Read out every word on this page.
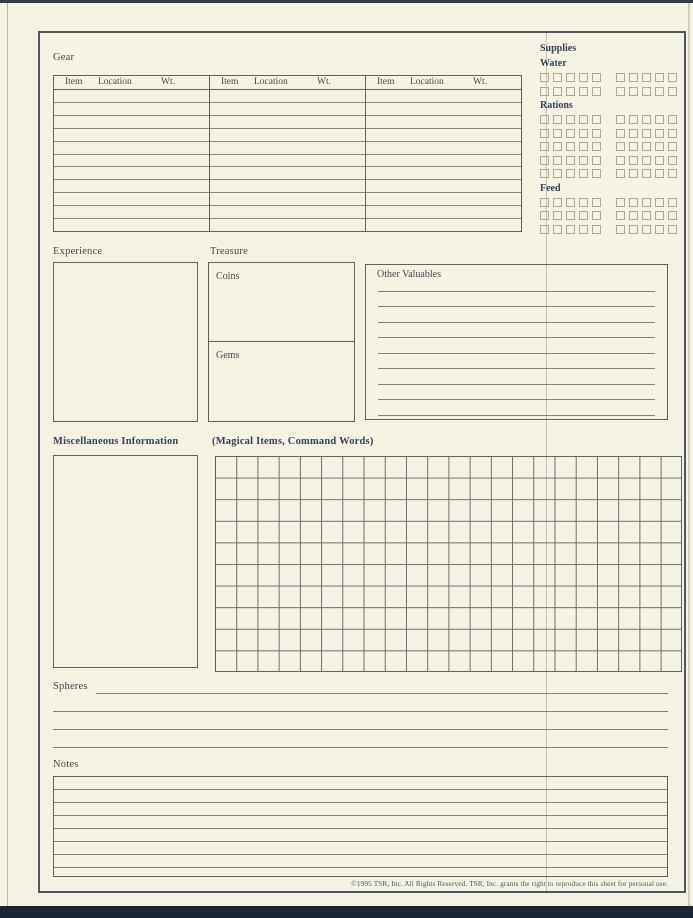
Gear
Item Location	Wt.	Item Location	Wt.	Item Location	Wt.
Supplies
Water
Rations
Feed
Experience	Treasure
Coins
Gems
Other Valuables
Miscellaneous Information	(Magical Items, Command Words)
Spheres
Notes
©1995 TSR, Inc. All Rights Reserved. TSR, Inc. grants the right to reproduce this sheet for personal use.
